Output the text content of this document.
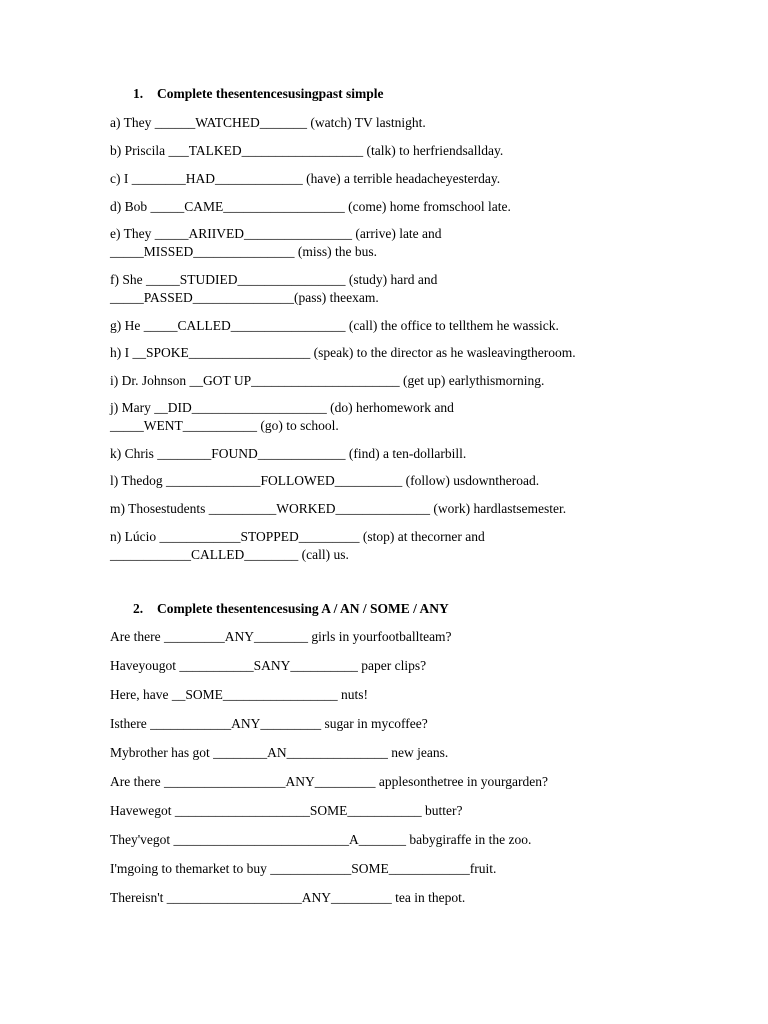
1. Complete thesentencesusingpast simple
a) They ______WATCHED_______ (watch) TV lastnight.
b) Priscila ___TALKED__________________ (talk) to herfriendsallday.
c) I ________HAD_____________ (have) a terrible headacheyesterday.
d) Bob _____CAME__________________ (come) home fromschool late.
e) They _____ARIIVED________________ (arrive) late and
_____MISSED_______________ (miss) the bus.
f) She _____STUDIED________________ (study) hard and
_____PASSED_______________(pass) theexam.
g) He _____CALLED_________________ (call) the office to tellthem he wassick.
h) I __SPOKE__________________ (speak) to the director as he wasleavingtheroom.
i) Dr. Johnson __GOT UP______________________ (get up) earlythismorning.
j) Mary __DID____________________ (do) herhomework and
_____WENT___________ (go) to school.
k) Chris ________FOUND_____________ (find) a ten-dollarbill.
l) Thedog ______________FOLLOWED__________ (follow) usdowntheroad.
m) Thosestudents __________WORKED______________ (work) hardlastsemester.
n) Lúcio ____________STOPPED_________ (stop) at thecorner and
____________CALLED________ (call) us.
2. Complete thesentencesusing A / AN / SOME / ANY
Are there _________ANY________ girls in yourfootballteam?
Haveyougot ___________SANY__________ paper clips?
Here, have __SOME_________________ nuts!
Isthere ____________ANY_________ sugar in mycoffee?
Mybrother has got ________AN_______________ new jeans.
Are there __________________ANY_________ applesonthetree in yourgarden?
Havewegot ____________________SOME___________ butter?
They'vegot __________________________A_______ babygiraffe in the zoo.
I'mgoing to themarket to buy ____________SOME____________fruit.
Thereisn't ____________________ANY_________ tea in thepot.
